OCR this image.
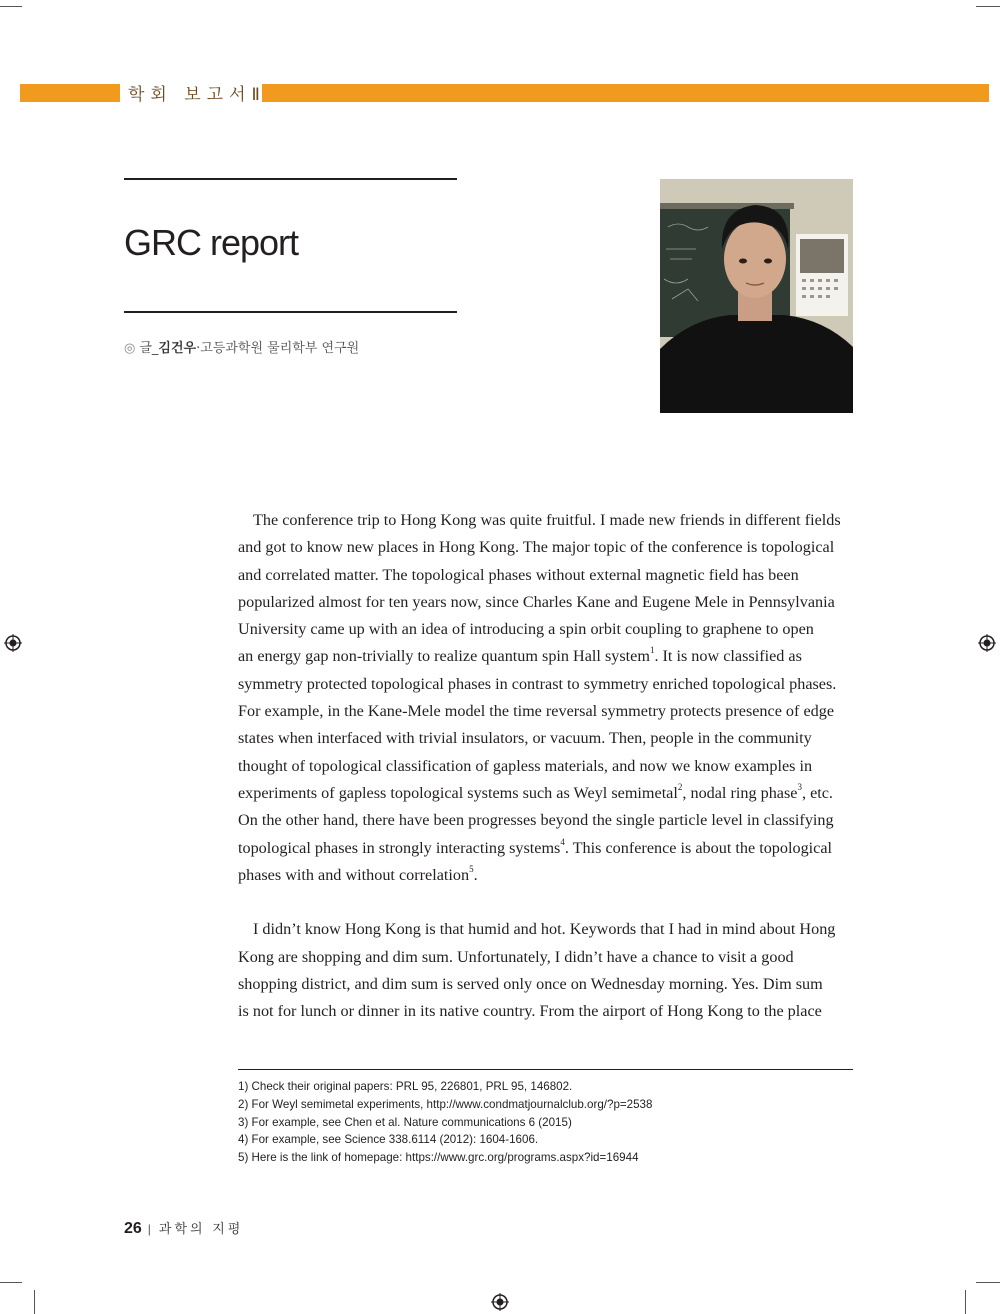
학회 보고서Ⅱ
GRC report
◎ 글_김건우·고등과학원 물리학부 연구원
The conference trip to Hong Kong was quite fruitful. I made new friends in different fields
and got to know new places in Hong Kong. The major topic of the conference is topological
and correlated matter. The topological phases without external magnetic field has been
popularized almost for ten years now, since Charles Kane and Eugene Mele in Pennsylvania
University came up with an idea of introducing a spin orbit coupling to graphene to open
an energy gap non-trivially to realize quantum spin Hall system$^1$. It is now classified as
symmetry protected topological phases in contrast to symmetry enriched topological phases.
For example, in the Kane-Mele model the time reversal symmetry protects presence of edge
states when interfaced with trivial insulators, or vacuum. Then, people in the community
thought of topological classification of gapless materials, and now we know examples in
experiments of gapless topological systems such as Weyl semimetal$^2$, nodal ring phase$^3$, etc.
On the other hand, there have been progresses beyond the single particle level in classifying
topological phases in strongly interacting systems$^4$. This conference is about the topological
phases with and without correlation$^5$.
I didn’t know Hong Kong is that humid and hot. Keywords that I had in mind about Hong
Kong are shopping and dim sum. Unfortunately, I didn’t have a chance to visit a good
shopping district, and dim sum is served only once on Wednesday morning. Yes. Dim sum
is not for lunch or dinner in its native country. From the airport of Hong Kong to the place
1) Check their original papers: PRL 95, 226801, PRL 95, 146802.
2) For Weyl semimetal experiments, http://www.condmatjournalclub.org/?p=2538
3) For example, see Chen et al. Nature communications 6 (2015)
4) For example, see Science 338.6114 (2012): 1604-1606.
5) Here is the link of homepage: https://www.grc.org/programs.aspx?id=16944
26 | 과학의 지평
